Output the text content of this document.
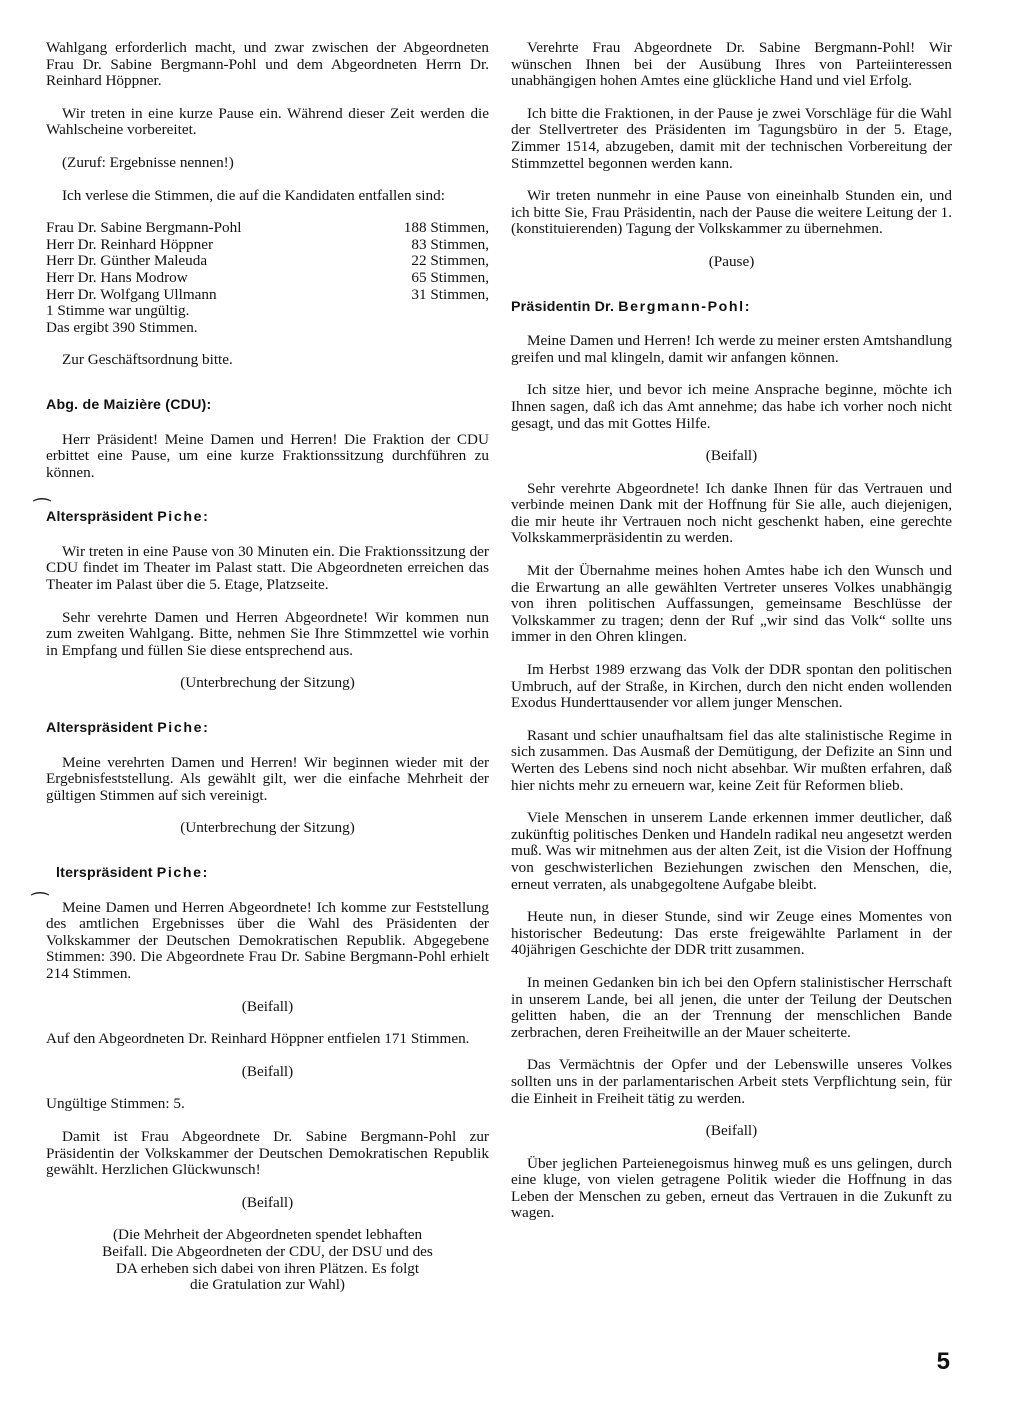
Wahlgang erforderlich macht, und zwar zwischen der Abgeordneten Frau Dr. Sabine Bergmann-Pohl und dem Abgeordneten Herrn Dr. Reinhard Höppner.

Wir treten in eine kurze Pause ein. Während dieser Zeit werden die Wahlscheine vorbereitet.

(Zuruf: Ergebnisse nennen!)

Ich verlese die Stimmen, die auf die Kandidaten entfallen sind:

Frau Dr. Sabine Bergmann-Pohl	188 Stimmen,
Herr Dr. Reinhard Höppner	83 Stimmen,
Herr Dr. Günther Maleuda	22 Stimmen,
Herr Dr. Hans Modrow	65 Stimmen,
Herr Dr. Wolfgang Ullmann	31 Stimmen,
1 Stimme war ungültig.
Das ergibt 390 Stimmen.

Zur Geschäftsordnung bitte.

Abg. de Maizière (CDU):

Herr Präsident! Meine Damen und Herren! Die Fraktion der CDU erbittet eine Pause, um eine kurze Fraktionssitzung durchführen zu können.

Alterspräsident Piche:

Wir treten in eine Pause von 30 Minuten ein. Die Fraktionssitzung der CDU findet im Theater im Palast statt. Die Abgeordneten erreichen das Theater im Palast über die 5. Etage, Platzseite.

Sehr verehrte Damen und Herren Abgeordnete! Wir kommen nun zum zweiten Wahlgang. Bitte, nehmen Sie Ihre Stimmzettel wie vorhin in Empfang und füllen Sie diese entsprechend aus.

(Unterbrechung der Sitzung)

Alterspräsident Piche:

Meine verehrten Damen und Herren! Wir beginnen wieder mit der Ergebnisfeststellung. Als gewählt gilt, wer die einfache Mehrheit der gültigen Stimmen auf sich vereinigt.

(Unterbrechung der Sitzung)

lterspräsident Piche:

Meine Damen und Herren Abgeordnete! Ich komme zur Feststellung des amtlichen Ergebnisses über die Wahl des Präsidenten der Volkskammer der Deutschen Demokratischen Republik. Abgegebene Stimmen: 390. Die Abgeordnete Frau Dr. Sabine Bergmann-Pohl erhielt 214 Stimmen.

(Beifall)

Auf den Abgeordneten Dr. Reinhard Höppner entfielen 171 Stimmen.

(Beifall)

Ungültige Stimmen: 5.

Damit ist Frau Abgeordnete Dr. Sabine Bergmann-Pohl zur Präsidentin der Volkskammer der Deutschen Demokratischen Republik gewählt. Herzlichen Glückwunsch!

(Beifall)

(Die Mehrheit der Abgeordneten spendet lebhaften
Beifall. Die Abgeordneten der CDU, der DSU und des
DA erheben sich dabei von ihren Plätzen. Es folgt
die Gratulation zur Wahl)

Verehrte Frau Abgeordnete Dr. Sabine Bergmann-Pohl! Wir wünschen Ihnen bei der Ausübung Ihres von Parteiinteressen unabhängigen hohen Amtes eine glückliche Hand und viel Erfolg.

Ich bitte die Fraktionen, in der Pause je zwei Vorschläge für die Wahl der Stellvertreter des Präsidenten im Tagungsbüro in der 5. Etage, Zimmer 1514, abzugeben, damit mit der technischen Vorbereitung der Stimmzettel begonnen werden kann.

Wir treten nunmehr in eine Pause von eineinhalb Stunden ein, und ich bitte Sie, Frau Präsidentin, nach der Pause die weitere Leitung der 1. (konstituierenden) Tagung der Volkskammer zu übernehmen.

(Pause)

Präsidentin Dr. Bergmann-Pohl:

Meine Damen und Herren! Ich werde zu meiner ersten Amtshandlung greifen und mal klingeln, damit wir anfangen können.

Ich sitze hier, und bevor ich meine Ansprache beginne, möchte ich Ihnen sagen, daß ich das Amt annehme; das habe ich vorher noch nicht gesagt, und das mit Gottes Hilfe.

(Beifall)

Sehr verehrte Abgeordnete! Ich danke Ihnen für das Vertrauen und verbinde meinen Dank mit der Hoffnung für Sie alle, auch diejenigen, die mir heute ihr Vertrauen noch nicht geschenkt haben, eine gerechte Volkskammerpräsidentin zu werden.

Mit der Übernahme meines hohen Amtes habe ich den Wunsch und die Erwartung an alle gewählten Vertreter unseres Volkes unabhängig von ihren politischen Auffassungen, gemeinsame Beschlüsse der Volkskammer zu tragen; denn der Ruf „wir sind das Volk“ sollte uns immer in den Ohren klingen.

Im Herbst 1989 erzwang das Volk der DDR spontan den politischen Umbruch, auf der Straße, in Kirchen, durch den nicht enden wollenden Exodus Hunderttausender vor allem junger Menschen.

Rasant und schier unaufhaltsam fiel das alte stalinistische Regime in sich zusammen. Das Ausmaß der Demütigung, der Defizite an Sinn und Werten des Lebens sind noch nicht absehbar. Wir mußten erfahren, daß hier nichts mehr zu erneuern war, keine Zeit für Reformen blieb.

Viele Menschen in unserem Lande erkennen immer deutlicher, daß zukünftig politisches Denken und Handeln radikal neu angesetzt werden muß. Was wir mitnehmen aus der alten Zeit, ist die Vision der Hoffnung von geschwisterlichen Beziehungen zwischen den Menschen, die, erneut verraten, als unabgegoltene Aufgabe bleibt.

Heute nun, in dieser Stunde, sind wir Zeuge eines Momentes von historischer Bedeutung: Das erste freigewählte Parlament in der 40jährigen Geschichte der DDR tritt zusammen.

In meinen Gedanken bin ich bei den Opfern stalinistischer Herrschaft in unserem Lande, bei all jenen, die unter der Teilung der Deutschen gelitten haben, die an der Trennung der menschlichen Bande zerbrachen, deren Freiheitwille an der Mauer scheiterte.

Das Vermächtnis der Opfer und der Lebenswille unseres Volkes sollten uns in der parlamentarischen Arbeit stets Verpflichtung sein, für die Einheit in Freiheit tätig zu werden.

(Beifall)

Über jeglichen Parteienegoismus hinweg muß es uns gelingen, durch eine kluge, von vielen getragene Politik wieder die Hoffnung in das Leben der Menschen zu geben, erneut das Vertrauen in die Zukunft zu wagen.

⁀
⁀
5
